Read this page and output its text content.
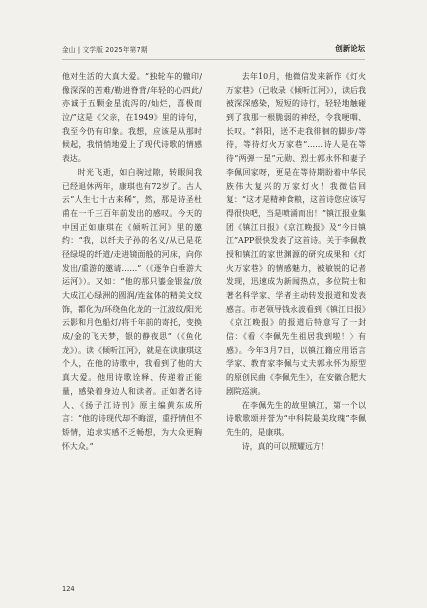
金山 | 文学版 2025年第7期	创新论坛

他对生活的大真大爱。“独轮车的辙印/像深深的苦难/勒进脊背/年轻的心四此/亦诚于五颗金星流泻的/灿烂，喜极而泣/”这是《父亲，在1949》里的诗句，我至今仍有印象。我想，应该是从那时候起，我悄悄地爱上了现代诗歌的情感表达。

时光飞逝，如白驹过隙，转眼间我已经退休两年，康琪也有72岁了。古人云“人生七十古来稀”，然，那是诗圣杜甫在一千三百年前发出的感叹。今天的中国正如康琪在《倾听江河》里的邀约：“我，以纤夫子孙的名义/从已是花径绿堤的纤道/走进镜面般的河床，向你发出/重游的邀请……”（《逐争白垂游大运河》）。又如：“他的那只鎏金银盆/放大成江心绿洲的圆润/连盆体的精美文纹饰，都化为/环绕鱼化龙的一江波纹/阳光云影和月色船灯/将千年前的寄托，变换成/金的飞天梦，银的静夜思”（《鱼化龙》）。读《倾听江河》，就是在读康琪这个人，在他的诗歌中，我看到了他的大真大爱。他用诗歌诠释、传递着正能量，感染着身边人和读者。正如著名诗人、《扬子江诗刊》原主编黄东成所言：“他的诗现代却不晦涩，重抒情但不矫情，追求实感不乏畅想，为大众更胸怀大众。”

去年10月，他微信发来新作《灯火万家巷》（已收录《倾听江河》），读后我被深深感染，短短的诗行，轻轻地触碰到了我那一根脆弱的神经，令我哽咽、长叹。“斜阳，送不走我徘徊的脚步/等待，等待灯火万家巷”……诗人是在等待“两弹一星”元勋、烈士郭永怀和妻子李佩回家呀，更是在等待期盼着中华民族伟大复兴的万家灯火！我微信回复：“这才是精神食粮，这首诗您应该写得很快吧，当是喷涌而出！”镇江报业集团《镇江日报》《京江晚报》及“今日镇江”APP很快发表了这首诗。关于李佩教授和镇江的家世渊源的研究成果和《灯火万家巷》的情感魅力，被敏锐的记者发现，迅速成为新闻热点，多位院士和著名科学家、学者主动转发报道和发表感言。市老领导钱永波看到《镇江日报》《京江晚报》的报道后特意写了一封信：《看〈李佩先生祖居我到啦！〉有感》。今年3月7日，以镇江籍应用语言学家、教育家李佩与丈夫郭永怀为原型的原创民曲《李佩先生》，在安徽合肥大剧院巡演。

在李佩先生的故里镇江，第一个以诗歌歌颂并誉为“中科院最美玫瑰”李佩先生的，是康琪。

诗，真的可以照耀远方！

124
